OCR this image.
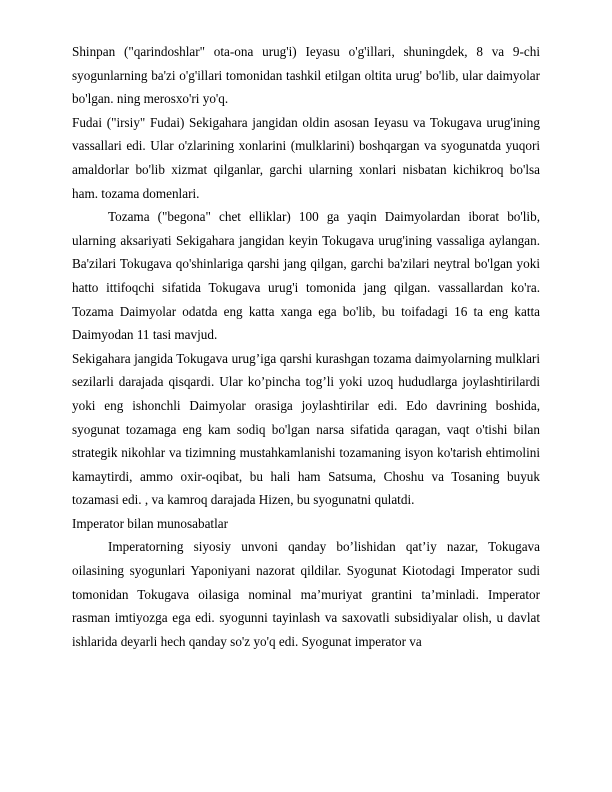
Shinpan ("qarindoshlar" ota-ona urug'i) Ieyasu o'g'illari, shuningdek, 8 va 9-chi syogunlarning ba'zi o'g'illari tomonidan tashkil etilgan oltita urug' bo'lib, ular daimyolar bo'lgan. ning merosxo'ri yo'q.

Fudai ("irsiy" Fudai) Sekigahara jangidan oldin asosan Ieyasu va Tokugava urug'ining vassallari edi. Ular o'zlarining xonlarini (mulklarini) boshqargan va syogunatda yuqori amaldorlar bo'lib xizmat qilganlar, garchi ularning xonlari nisbatan kichikroq bo'lsa ham. tozama domenlari.

Tozama ("begona" chet elliklar) 100 ga yaqin Daimyolardan iborat bo'lib, ularning aksariyati Sekigahara jangidan keyin Tokugava urug'ining vassaliga aylangan. Ba'zilari Tokugava qo'shinlariga qarshi jang qilgan, garchi ba'zilari neytral bo'lgan yoki hatto ittifoqchi sifatida Tokugava urug'i tomonida jang qilgan. vassallardan ko'ra. Tozama Daimyolar odatda eng katta xanga ega bo'lib, bu toifadagi 16 ta eng katta Daimyodan 11 tasi mavjud.

Sekigahara jangida Tokugava urug’iga qarshi kurashgan tozama daimyolarning mulklari sezilarli darajada qisqardi. Ular ko’pincha tog’li yoki uzoq hududlarga joylashtirilardi yoki eng ishonchli Daimyolar orasiga joylashtirilar edi. Edo davrining boshida, syogunat tozamaga eng kam sodiq bo'lgan narsa sifatida qaragan, vaqt o'tishi bilan strategik nikohlar va tizimning mustahkamlanishi tozamaning isyon ko'tarish ehtimolini kamaytirdi, ammo oxir-oqibat, bu hali ham Satsuma, Choshu va Tosaning buyuk tozamasi edi. , va kamroq darajada Hizen, bu syogunatni qulatdi.

Imperator bilan munosabatlar

Imperatorning siyosiy unvoni qanday bo’lishidan qat’iy nazar, Tokugava oilasining syogunlari Yaponiyani nazorat qildilar. Syogunat Kiotodagi Imperator sudi tomonidan Tokugava oilasiga nominal ma’muriyat grantini ta’minladi. Imperator rasman imtiyozga ega edi. syogunni tayinlash va saxovatli subsidiyalar olish, u davlat ishlarida deyarli hech qanday so'z yo'q edi. Syogunat imperator va
